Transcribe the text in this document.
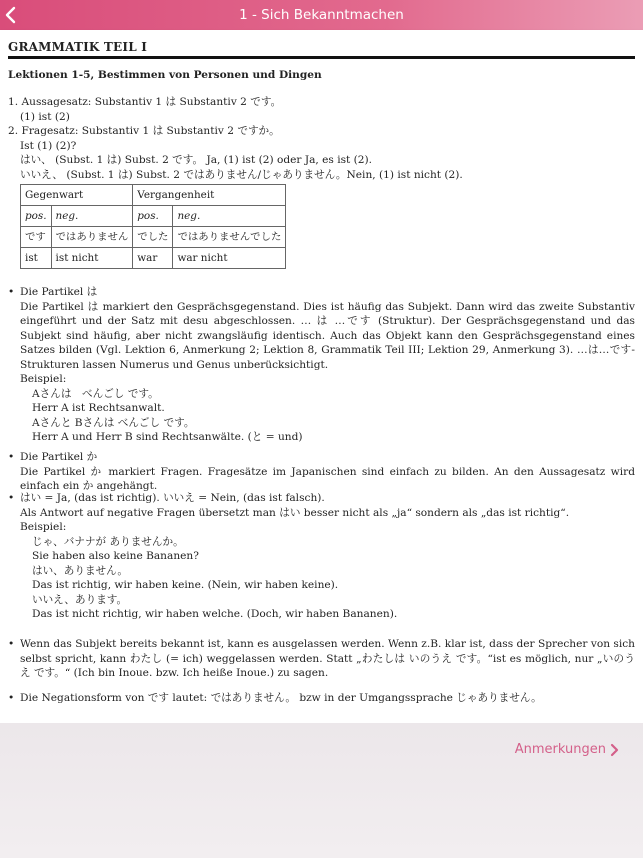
1 - Sich Bekanntmachen
GRAMMATIK TEIL I
Lektionen 1-5, Bestimmen von Personen und Dingen
1. Aussagesatz: Substantiv 1 は Substantiv 2 です。
(1) ist (2)
2. Fragesatz: Substantiv 1 は Substantiv 2 ですか。
Ist (1) (2)?
はい、 (Subst. 1 は) Subst. 2 です。 Ja, (1) ist (2) oder Ja, es ist (2).
いいえ、 (Subst. 1 は) Subst. 2 ではありません/じゃありません。Nein, (1) ist nicht (2).
Gegenwart		Vergangenheit	
pos.	neg.	pos.	neg.
です	ではありません	でした	ではありませんでした
ist	ist nicht	war	war nicht
• Die Partikel は
Die Partikel は markiert den Gesprächsgegenstand. Dies ist häufig das Subjekt. Dann wird das zweite Substantiv eingeführt und der Satz mit desu abgeschlossen. … は …です (Struktur). Der Gesprächsgegenstand und das Subjekt sind häufig, aber nicht zwangsläufig identisch. Auch das Objekt kann den Gesprächsgegenstand eines Satzes bilden (Vgl. Lektion 6, Anmerkung 2; Lektion 8, Grammatik Teil III; Lektion 29, Anmerkung 3). …は…です-Strukturen lassen Numerus und Genus unberücksichtigt.
Beispiel:
Aさんは　べんごし です。
Herr A ist Rechtsanwalt.
Aさんと Bさんは べんごし です。
Herr A und Herr B sind Rechtsanwälte. (と = und)
• Die Partikel か
Die Partikel か markiert Fragen. Fragesätze im Japanischen sind einfach zu bilden. An den Aussagesatz wird einfach ein か angehängt.
• はい = Ja, (das ist richtig). いいえ = Nein, (das ist falsch).
Als Antwort auf negative Fragen übersetzt man はい besser nicht als „ja“ sondern als „das ist richtig“.
Beispiel:
じゃ、バナナが ありませんか。
Sie haben also keine Bananen?
はい、ありません。
Das ist richtig, wir haben keine. (Nein, wir haben keine).
いいえ、あります。
Das ist nicht richtig, wir haben welche. (Doch, wir haben Bananen).
• Wenn das Subjekt bereits bekannt ist, kann es ausgelassen werden. Wenn z.B. klar ist, dass der Sprecher von sich selbst spricht, kann わたし (= ich) weggelassen werden. Statt „わたしは いのうえ です。“ist es möglich, nur „いのうえ です。“ (Ich bin Inoue. bzw. Ich heiße Inoue.) zu sagen.
• Die Negationsform von です lautet: ではありません。 bzw in der Umgangssprache じゃありません。
Anmerkungen
